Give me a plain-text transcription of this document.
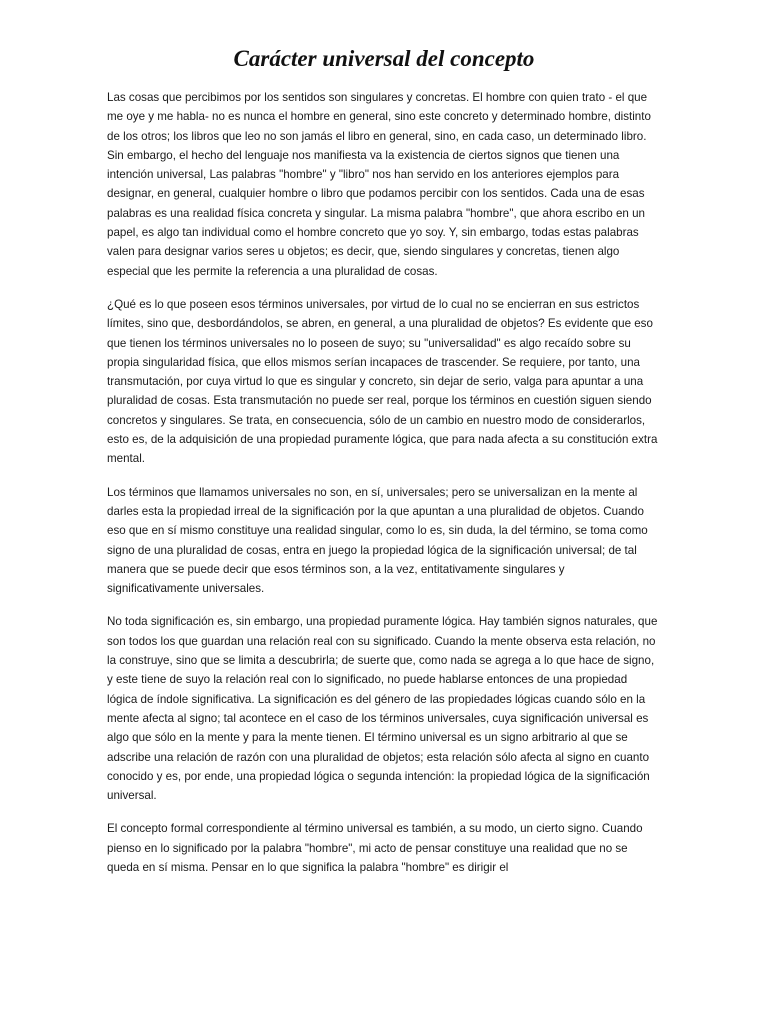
Carácter universal del concepto

Las cosas que percibimos por los sentidos son singulares y concretas. El hombre con quien trato - el que me oye y me habla- no es nunca el hombre en general, sino este concreto y determinado hombre, distinto de los otros; los libros que leo no son jamás el libro en general, sino, en cada caso, un determinado libro. Sin embargo, el hecho del lenguaje nos manifiesta va la existencia de ciertos signos que tienen una intención universal, Las palabras "hombre" y "libro" nos han servido en los anteriores ejemplos para designar, en general, cualquier hombre o libro que podamos percibir con los sentidos. Cada una de esas palabras es una realidad física concreta y singular. La misma palabra "hombre", que ahora escribo en un papel, es algo tan individual como el hombre concreto que yo soy. Y, sin embargo, todas estas palabras valen para designar varios seres u objetos; es decir, que, siendo singulares y concretas, tienen algo especial que les permite la referencia a una pluralidad de cosas.

¿Qué es lo que poseen esos términos universales, por virtud de lo cual no se encierran en sus estrictos límites, sino que, desbordándolos, se abren, en general, a una pluralidad de objetos? Es evidente que eso que tienen los términos universales no lo poseen de suyo; su "universalidad" es algo recaído sobre su propia singularidad física, que ellos mismos serían incapaces de trascender. Se requiere, por tanto, una transmutación, por cuya virtud lo que es singular y concreto, sin dejar de serio, valga para apuntar a una pluralidad de cosas. Esta transmutación no puede ser real, porque los términos en cuestión siguen siendo concretos y singulares. Se trata, en consecuencia, sólo de un cambio en nuestro modo de considerarlos, esto es, de la adquisición de una propiedad puramente lógica, que para nada afecta a su constitución extra mental.

Los términos que llamamos universales no son, en sí, universales; pero se universalizan en la mente al darles esta la propiedad irreal de la significación por la que apuntan a una pluralidad de objetos. Cuando eso que en sí mismo constituye una realidad singular, como lo es, sin duda, la del término, se toma como signo de una pluralidad de cosas, entra en juego la propiedad lógica de la significación universal; de tal manera que se puede decir que esos términos son, a la vez, entitativamente singulares y significativamente universales.

No toda significación es, sin embargo, una propiedad puramente lógica. Hay también signos naturales, que son todos los que guardan una relación real con su significado. Cuando la mente observa esta relación, no la construye, sino que se limita a descubrirla; de suerte que, como nada se agrega a lo que hace de signo, y este tiene de suyo la relación real con lo significado, no puede hablarse entonces de una propiedad lógica de índole significativa. La significación es del género de las propiedades lógicas cuando sólo en la mente afecta al signo; tal acontece en el caso de los términos universales, cuya significación universal es algo que sólo en la mente y para la mente tienen. El término universal es un signo arbitrario al que se adscribe una relación de razón con una pluralidad de objetos; esta relación sólo afecta al signo en cuanto conocido y es, por ende, una propiedad lógica o segunda intención: la propiedad lógica de la significación universal.

El concepto formal correspondiente al término universal es también, a su modo, un cierto signo. Cuando pienso en lo significado por la palabra "hombre", mi acto de pensar constituye una realidad que no se queda en sí misma. Pensar en lo que significa la palabra "hombre" es dirigir el
